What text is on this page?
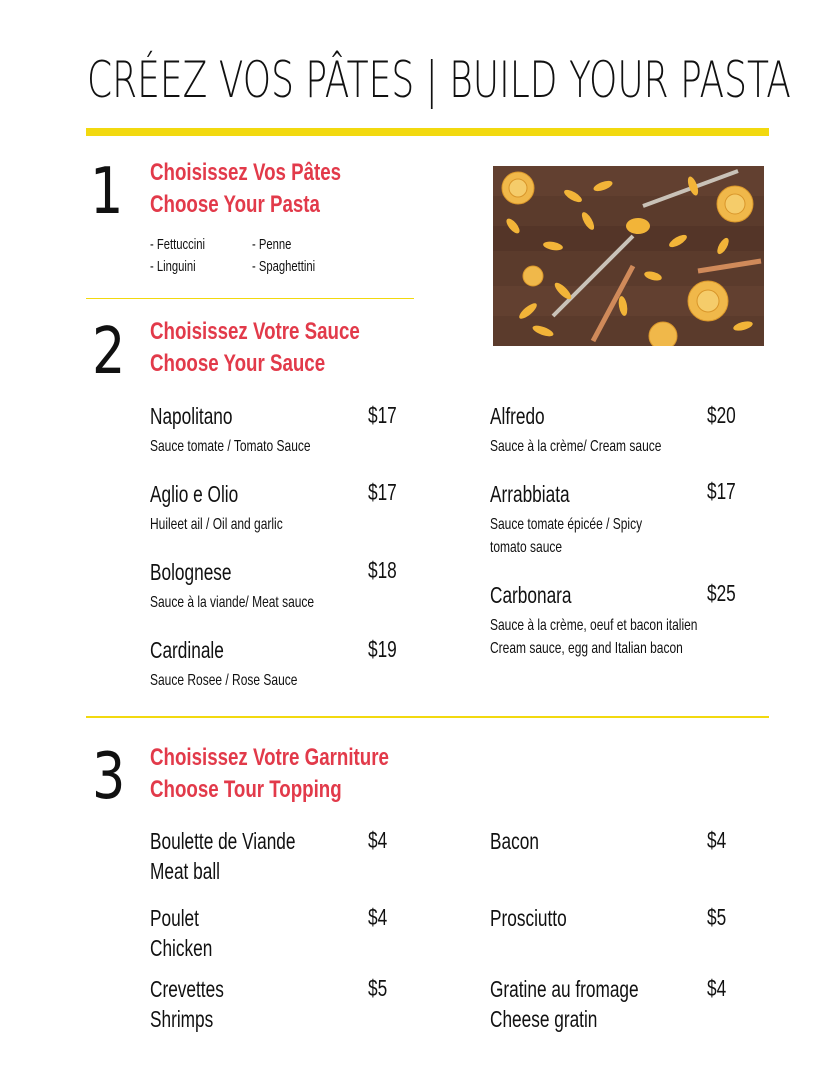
CRÉEZ VOS PÂTES | BUILD YOUR PASTA
1 Choisissez Vos Pâtes
Choose Your Pasta
- Fettuccini	- Penne
- Linguini	- Spaghettini
2 Choisissez Votre Sauce
Choose Your Sauce
Napolitano	$17
Sauce tomate / Tomato Sauce
Aglio e Olio	$17
Huileet ail / Oil and garlic
Bolognese	$18
Sauce à la viande/ Meat sauce
Cardinale	$19
Sauce Rosee / Rose Sauce
Alfredo	$20
Sauce à la crème/ Cream sauce
Arrabbiata	$17
Sauce tomate épicée / Spicy
tomato sauce
Carbonara	$25
Sauce à la crème, oeuf et bacon italien
Cream sauce, egg and Italian bacon
3 Choisissez Votre Garniture
Choose Tour Topping
Boulette de Viande
Meat ball
$4
Poulet
Chicken
$4
Crevettes
Shrimps
$5
Bacon	$4
Prosciutto	$5
Gratine au fromage
Cheese gratin
$4
